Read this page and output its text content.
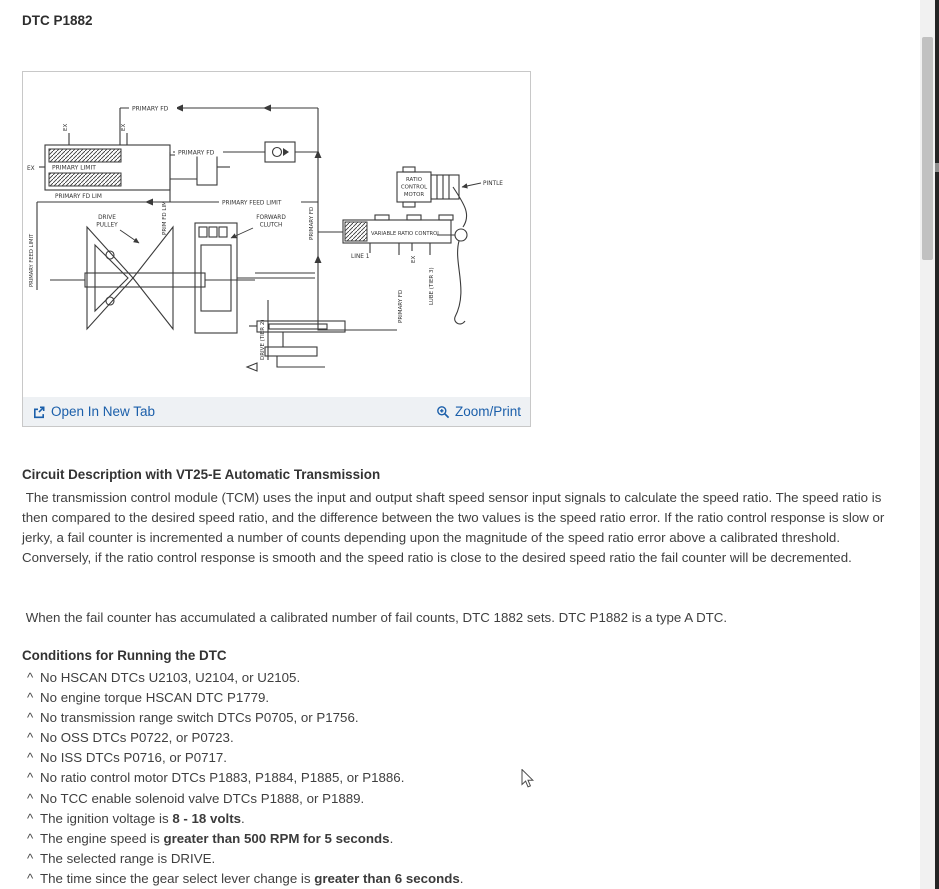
DTC P1882
PRIMARY FD
PRIMARY FD
PRIMARY FEED LIMIT
PRIMARY FD
PRIMARY FEED LIMIT
PRIM FD LIM
PRIMARY LIMIT
EX
EX	EX
PRIMARY FD LIM
DRIVE
PULLEY
FORWARD
CLUTCH
DRIVE (TIER 2)
RATIO
CONTROL
MOTOR
PINTLE
VARIABLE RATIO CONTROL
LINE 1
PRIMARY FD
EX
LUBE (TIER 3)
Open In New Tab	Zoom/Print
Circuit Description with VT25-E Automatic Transmission
The transmission control module (TCM) uses the input and output shaft speed sensor input signals to calculate the speed ratio. The speed ratio is then compared to the desired speed ratio, and the difference between the two values is the speed ratio error. If the ratio control response is slow or jerky, a fail counter is incremented a number of counts depending upon the magnitude of the speed ratio error above a calibrated threshold. Conversely, if the ratio control response is smooth and the speed ratio is close to the desired speed ratio the fail counter will be decremented.
When the fail counter has accumulated a calibrated number of fail counts, DTC 1882 sets. DTC P1882 is a type A DTC.
Conditions for Running the DTC
^ No HSCAN DTCs U2103, U2104, or U2105.
^ No engine torque HSCAN DTC P1779.
^ No transmission range switch DTCs P0705, or P1756.
^ No OSS DTCs P0722, or P0723.
^ No ISS DTCs P0716, or P0717.
^ No ratio control motor DTCs P1883, P1884, P1885, or P1886.
^ No TCC enable solenoid valve DTCs P1888, or P1889.
^ The ignition voltage is 8 - 18 volts.
^ The engine speed is greater than 500 RPM for 5 seconds.
^ The selected range is DRIVE.
^ The time since the gear select lever change is greater than 6 seconds.
